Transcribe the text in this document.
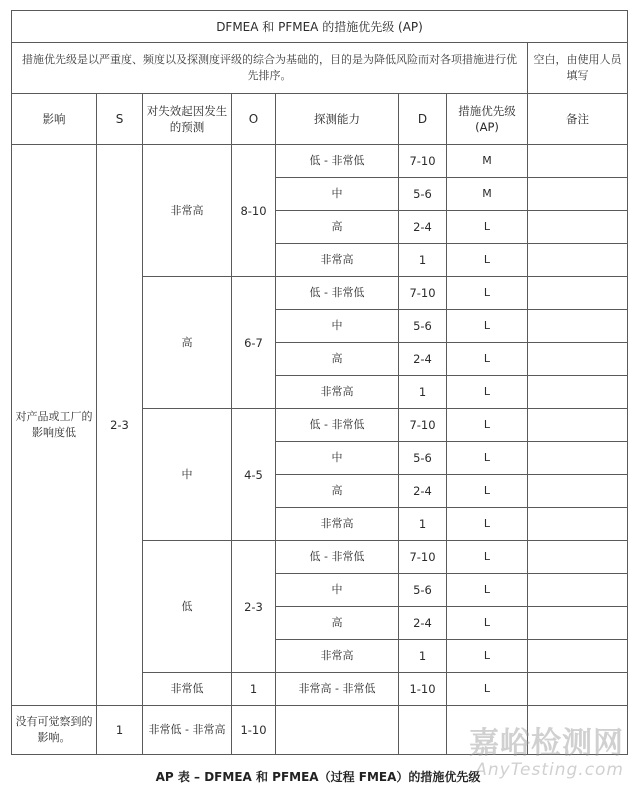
DFMEA 和 PFMEA 的措施优先级 (AP)							
措施优先级是以严重度、频度以及探测度评级的综合为基础的，目的是为降低风险而对各项措施进行优先排序。							空白，由使用人员填写
影响	S	对失效起因发生的预测	O	探测能力	D	措施优先级 (AP)	备注
对产品或工厂的影响度低	2-3	非常高	8-10	低 - 非常低	7-10	M	
				中	5-6	M	
				高	2-4	L	
				非常高	1	L	
		高	6-7	低 - 非常低	7-10	L	
				中	5-6	L	
				高	2-4	L	
				非常高	1	L	
		中	4-5	低 - 非常低	7-10	L	
				中	5-6	L	
				高	2-4	L	
				非常高	1	L	
		低	2-3	低 - 非常低	7-10	L	
				中	5-6	L	
				高	2-4	L	
				非常高	1	L	
		非常低	1	非常高 - 非常低	1-10	L	
没有可觉察到的影响。	1	非常低 - 非常高	1-10				
AP 表 – DFMEA 和 PFMEA（过程 FMEA）的措施优先级
嘉峪检测网
AnyTesting.com
